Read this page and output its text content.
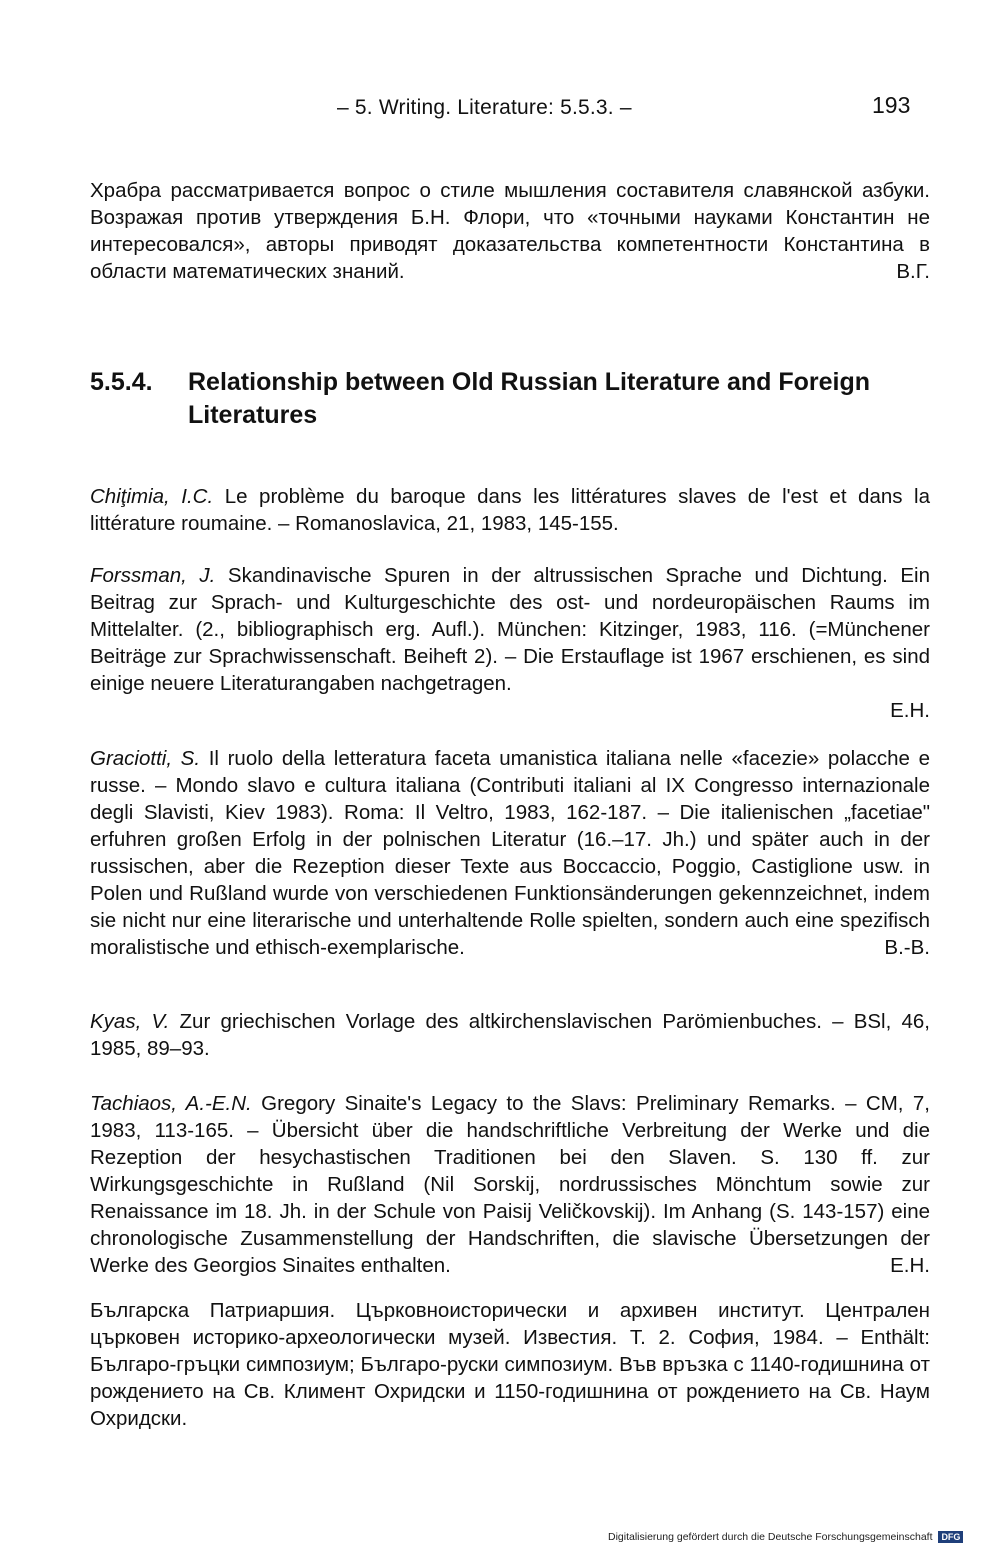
– 5. Writing. Literature: 5.5.3. –	193
Храбра рассматривается вопрос о стиле мышления составителя славянской азбуки. Возражая против утверждения Б.Н. Флори, что «точными науками Константин не интересовался», авторы приводят доказательства компетентности Константина в области математических знаний.	В.Г.
5.5.4.	Relationship between Old Russian Literature and Foreign Literatures
Chiţimia, I.C. Le problème du baroque dans les littératures slaves de l'est et dans la littérature roumaine. – Romanoslavica, 21, 1983, 145-155.
Forssman, J. Skandinavische Spuren in der altrussischen Sprache und Dichtung. Ein Beitrag zur Sprach- und Kulturgeschichte des ost- und nordeuropäischen Raums im Mittelalter. (2., bibliographisch erg. Aufl.). München: Kitzinger, 1983, 116. (=Münchener Beiträge zur Sprachwissenschaft. Beiheft 2). – Die Erstauflage ist 1967 erschienen, es sind einige neuere Literaturangaben nachgetragen.
E.H.
Graciotti, S. Il ruolo della letteratura faceta umanistica italiana nelle «facezie» polacche e russe. – Mondo slavo e cultura italiana (Contributi italiani al IX Congresso internazionale degli Slavisti, Kiev 1983). Roma: Il Veltro, 1983, 162-187. – Die italienischen „facetiae" erfuhren großen Erfolg in der polnischen Literatur (16.–17. Jh.) und später auch in der russischen, aber die Rezeption dieser Texte aus Boccaccio, Poggio, Castiglione usw. in Polen und Rußland wurde von verschiedenen Funktionsänderungen gekennzeichnet, indem sie nicht nur eine literarische und unterhaltende Rolle spielten, sondern auch eine spezifisch moralistische und ethisch-exemplarische.	B.-B.
Kyas, V. Zur griechischen Vorlage des altkirchenslavischen Parömienbuches. – BSl, 46, 1985, 89–93.
Tachiaos, A.-E.N. Gregory Sinaite's Legacy to the Slavs: Preliminary Remarks. – CM, 7, 1983, 113-165. – Übersicht über die handschriftliche Verbreitung der Werke und die Rezeption der hesychastischen Traditionen bei den Slaven. S. 130 ff. zur Wirkungsgeschichte in Rußland (Nil Sorskij, nordrussisches Mönchtum sowie zur Renaissance im 18. Jh. in der Schule von Paisij Veličkovskij). Im Anhang (S. 143-157) eine chronologische Zusammenstellung der Handschriften, die slavische Übersetzungen der Werke des Georgios Sinaites enthalten.	E.H.
Българска Патриаршия. Църковноисторически и архивен институт. Централен църковен историко-археологически музей. Известия. Т. 2. София, 1984. – Enthält: Българо-гръцки симпозиум; Българо-руски симпозиум. Във връзка с 1140-годишнина от рождението на Св. Климент Охридски и 1150-годишнина от рождението на Св. Наум Охридски.
Digitalisierung gefördert durch die Deutsche Forschungsgemeinschaft DFG
